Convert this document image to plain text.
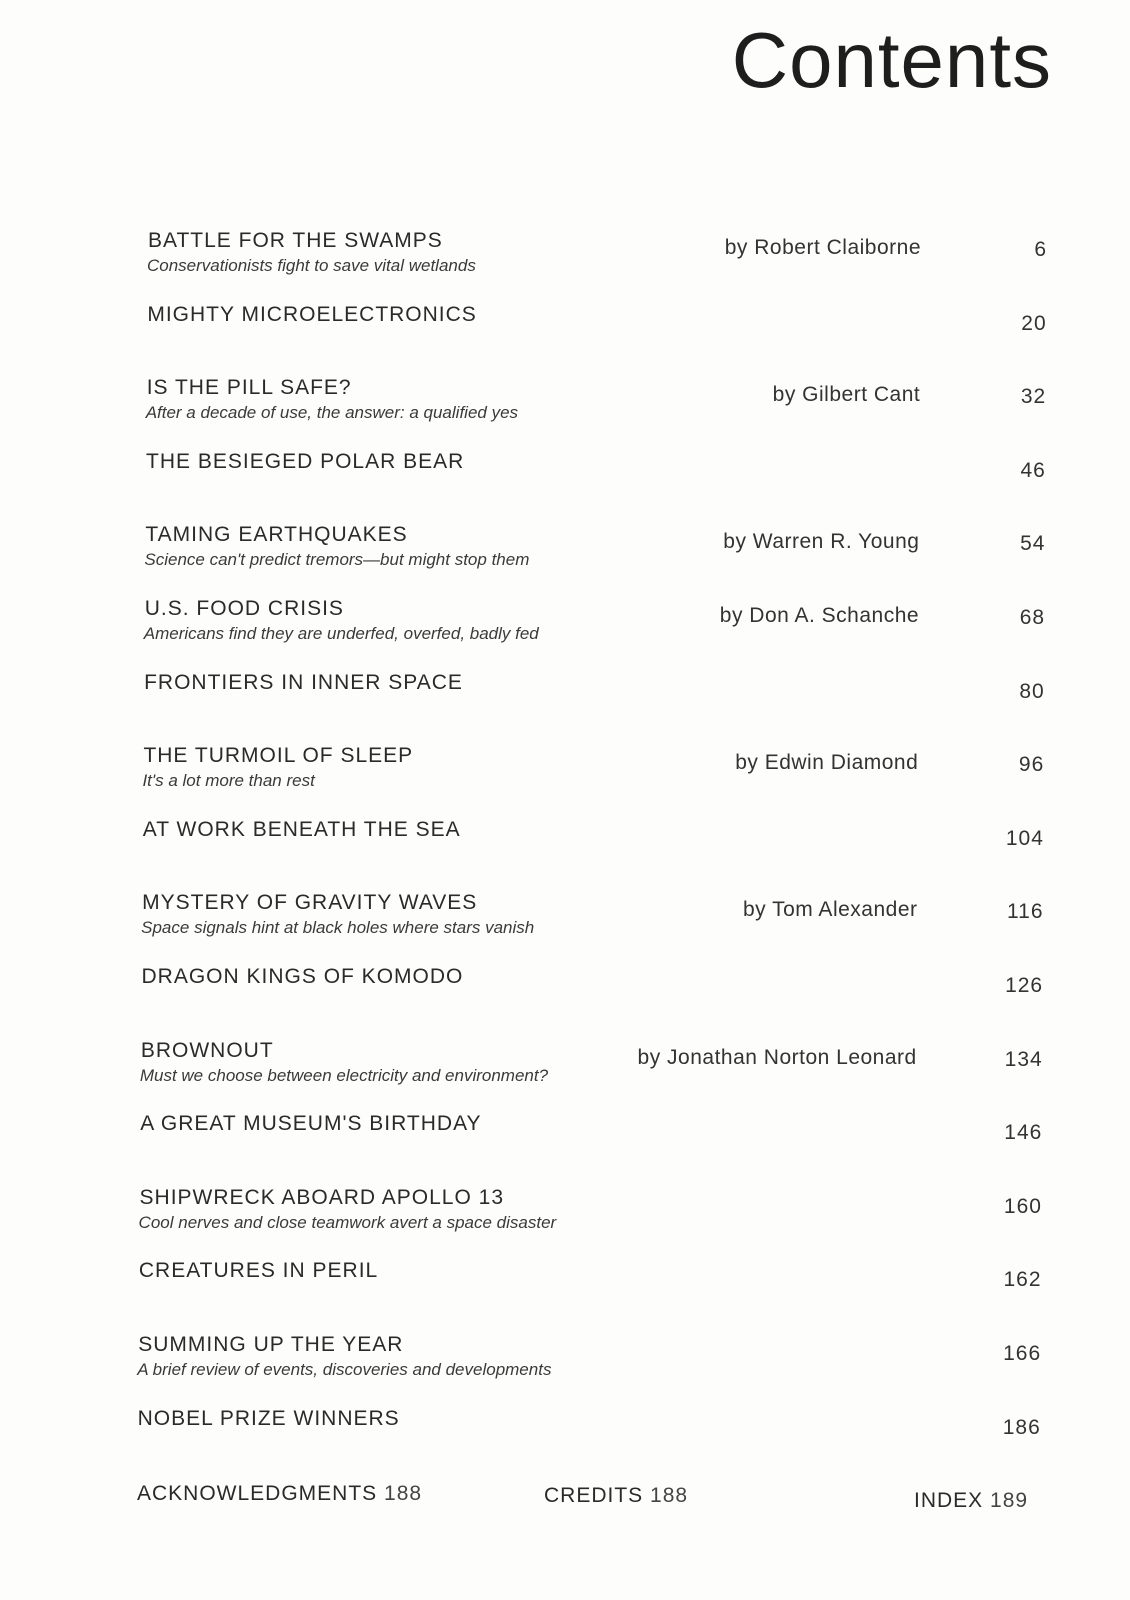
Contents
BATTLE FOR THE SWAMPS
Conservationists fight to save vital wetlands
by Robert Claiborne	6
MIGHTY MICROELECTRONICS	20
IS THE PILL SAFE?
After a decade of use, the answer: a qualified yes
by Gilbert Cant	32
THE BESIEGED POLAR BEAR	46
TAMING EARTHQUAKES
Science can't predict tremors—but might stop them
by Warren R. Young	54
U.S. FOOD CRISIS
Americans find they are underfed, overfed, badly fed
by Don A. Schanche	68
FRONTIERS IN INNER SPACE	80
THE TURMOIL OF SLEEP
It's a lot more than rest
by Edwin Diamond	96
AT WORK BENEATH THE SEA	104
MYSTERY OF GRAVITY WAVES
Space signals hint at black holes where stars vanish
by Tom Alexander	116
DRAGON KINGS OF KOMODO	126
BROWNOUT
Must we choose between electricity and environment?
by Jonathan Norton Leonard	134
A GREAT MUSEUM'S BIRTHDAY	146
SHIPWRECK ABOARD APOLLO 13
Cool nerves and close teamwork avert a space disaster
160
CREATURES IN PERIL	162
SUMMING UP THE YEAR
A brief review of events, discoveries and developments
166
NOBEL PRIZE WINNERS	186
ACKNOWLEDGMENTS 188	CREDITS 188	INDEX 189
